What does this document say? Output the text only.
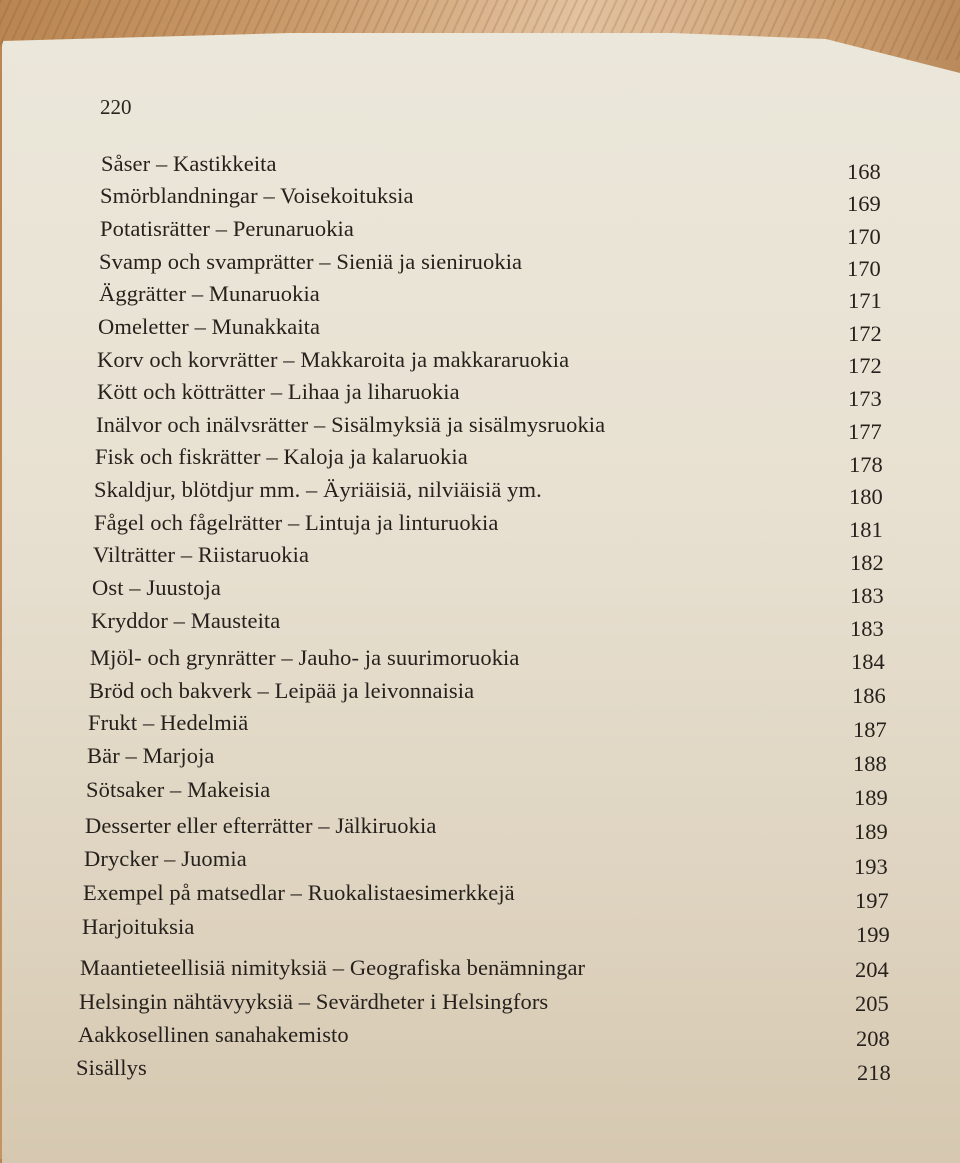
220
Såser – Kastikkeita	168
Smörblandningar – Voisekoituksia	169
Potatisrätter – Perunaruokia	170
Svamp och svamprätter – Sieniä ja sieniruokia	170
Äggrätter – Munaruokia	171
Omeletter – Munakkaita	172
Korv och korvrätter – Makkaroita ja makkararuokia	172
Kött och kötträtter – Lihaa ja liharuokia	173
Inälvor och inälvsrätter – Sisälmyksiä ja sisälmysruokia	177
Fisk och fiskrätter – Kaloja ja kalaruokia	178
Skaldjur, blötdjur mm. – Äyriäisiä, nilviäisiä ym.	180
Fågel och fågelrätter – Lintuja ja linturuokia	181
Vilträtter – Riistaruokia	182
Ost – Juustoja	183
Kryddor – Mausteita	183
Mjöl- och grynrätter – Jauho- ja suurimoruokia	184
Bröd och bakverk – Leipää ja leivonnaisia	186
Frukt – Hedelmiä	187
Bär – Marjoja	188
Sötsaker – Makeisia	189
Desserter eller efterrätter – Jälkiruokia	189
Drycker – Juomia	193
Exempel på matsedlar – Ruokalistaesimerkkejä	197
Harjoituksia	199
Maantieteellisiä nimityksiä – Geografiska benämningar	204
Helsingin nähtävyyksiä – Sevärdheter i Helsingfors	205
Aakkosellinen sanahakemisto	208
Sisällys	218
